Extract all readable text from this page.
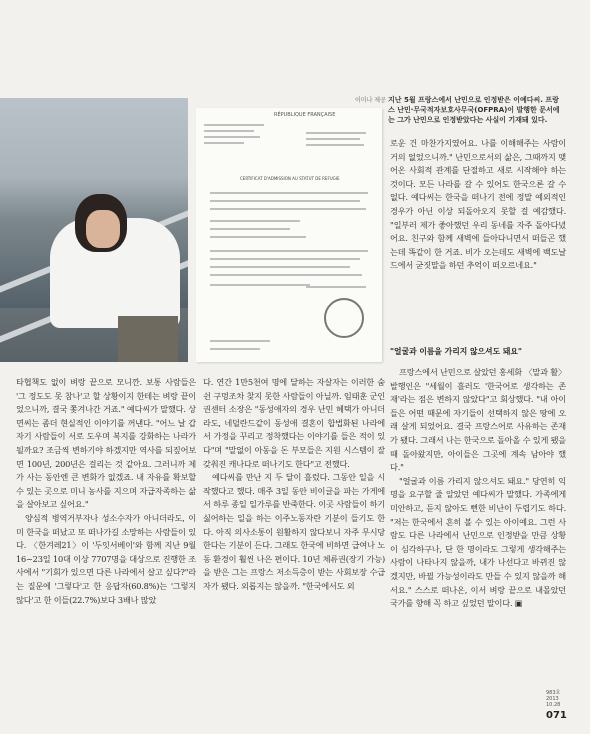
RÉPUBLIQUE FRANÇAISE
CERTIFICAT D'ADMISSION AU STATUT DE REFUGIE
이미나 제공 지난 5월 프랑스에서 난민으로 인정받은 이예다씨. 프랑스 난민·무국적자보호사무국(OFPRA)이 발행한 문서에는 그가 난민으로 인정받았다는 사실이 기재돼 있다.

타협책도 없이 벼랑 끝으로 모니깐. 보통 사람들은 '그 정도도 못 참나'고 할 상황이지 한테는 벼랑 끝이었으니까, 결국 쫓겨나간 거죠." 예다씨가 말했다. 상면씨는 좀더 현실적인 이야기를 꺼낸다. "어느 날 갑자기 사람들이 서로 도우며 복지를 강화하는 나라가 될까요? 조금씩 변하기야 하겠지만 역사를 되짚어보면 100년, 200년은 걸리는 것 같아요. 그러니까 제가 사는 동안엔 큰 변화가 없겠죠. 내 자유를 확보할 수 있는 곳으로 미니 농사를 지으며 자급자족하는 삶을 살아보고 싶어요."

양심적 병역거부자나 성소수자가 아니더라도, 이미 한국을 떠났고 또 떠나가길 소망하는 사람들이 있다. 〈한겨레21〉이 '두잇서베이'와 함께 지난 9월16~23일 10대 이상 7707명을 대상으로 진행한 조사에서 "기회가 있으면 다른 나라에서 살고 싶다?"라는 질문에 '그렇다'고 한 응답자(60.8%)는 '그렇지 않다'고 한 이들(22.7%)보다 3배나 많았

다. 연간 1만5천여 명에 달하는 자살자는 이러한 숨쉰 구멍조차 찾지 못한 사람들이 아닐까. 임태훈 군인권센터 소장은 "동성애자의 경우 난민 혜택가 아니더라도, 네덜란드같이 동성애 결혼이 합법화된 나라에서 가정을 꾸리고 정착했다는 이야기를 들은 적이 있다"며 "말없이 아동을 돈 부모들은 지원 시스템이 잘 갖춰진 캐나다로 떠나기도 한다"고 전했다.

예다씨를 만난 지 두 달이 흘렀다. 그동안 일을 시작했다고 했다. 매주 3일 동안 비이글을 파는 가게에서 하루 종일 일가루를 반죽한다. 이곳 사람들이 하기 싫어하는 일을 하는 이주노동자란 기분이 들기도 한다. 아직 의사소통이 원활하지 않다보니 자주 무시당한다는 기분이 든다. 그래도 한국에 비하면 급여나 노동 환경이 훨씬 나은 편이다. 10년 체류권(장기 가능)을 받은 그는 프랑스 저소득층이 받는 사회보장 수급자가 됐다. 외롭지는 않을까. "한국에서도 외

로운 건 마찬가지였어요. 나를 이해해주는 사람이 거의 없었으니까." 난민으로서의 삶은, 그때까지 맺어온 사회적 관계를 단절하고 새로 시작해야 하는 것이다. 모든 나라를 갈 수 있어도 한국으론 갈 수 없다. 예다씨는 한국을 떠나기 전에 정말 예외적인 경우가 아닌 이상 되돌아오지 못할 걸 예감했다. "일부러 제가 좋아했던 우리 동네를 자주 돌아다녔어요. 친구와 함께 새벽에 들아다니면서 떠들곤 했는데 똑같이 한 거죠. 비가 오는데도 새벽에 백도날드에서 굳짓말을 하던 추억이 떠오르네요."

"얼굴과 이름을 가리지 않으셔도 돼요"

프랑스에서 난민으로 살았던 홍세화 〈말과 활〉 발행인은 "세월이 흘러도 '한국어로 생각하는 존재'라는 점은 변하지 않았다"고 회상했다. "내 아이들은 어떤 때문에 자기들이 선택하지 않은 땅에 오래 살게 되었어요. 결국 프랑스어로 사유하는 존재가 됐다. 그래서 나는 한국으로 돌아올 수 있게 됐을 때 돌아왔지만, 아이들은 그곳에 계속 남아야 했다."

"얼굴과 이름 가리지 않으셔도 돼요." 당연히 익명을 요구할 줄 알았던 예다씨가 말했다. 가족에게 미안하고, 듣지 않아도 뻔한 비난이 두렵기도 하다. "저는 한국에서 흔히 볼 수 있는 아이예요. 그런 사람도 다른 나라에서 난민으로 인정받을 만큼 상황이 심각하구나, 단 한 명이라도 그렇게 생각해주는 사람이 나타나지 않을까, 내가 나선다고 바뀌진 않겠지만, 바뀔 가능성이라도 만들 수 있지 않을까 해서요." 스스로 떠나온, 이서 벼랑 끝으로 내몰았던 국가를 향해 꼭 하고 싶었던 말이다. ▣

983호
2013
10.28
071
